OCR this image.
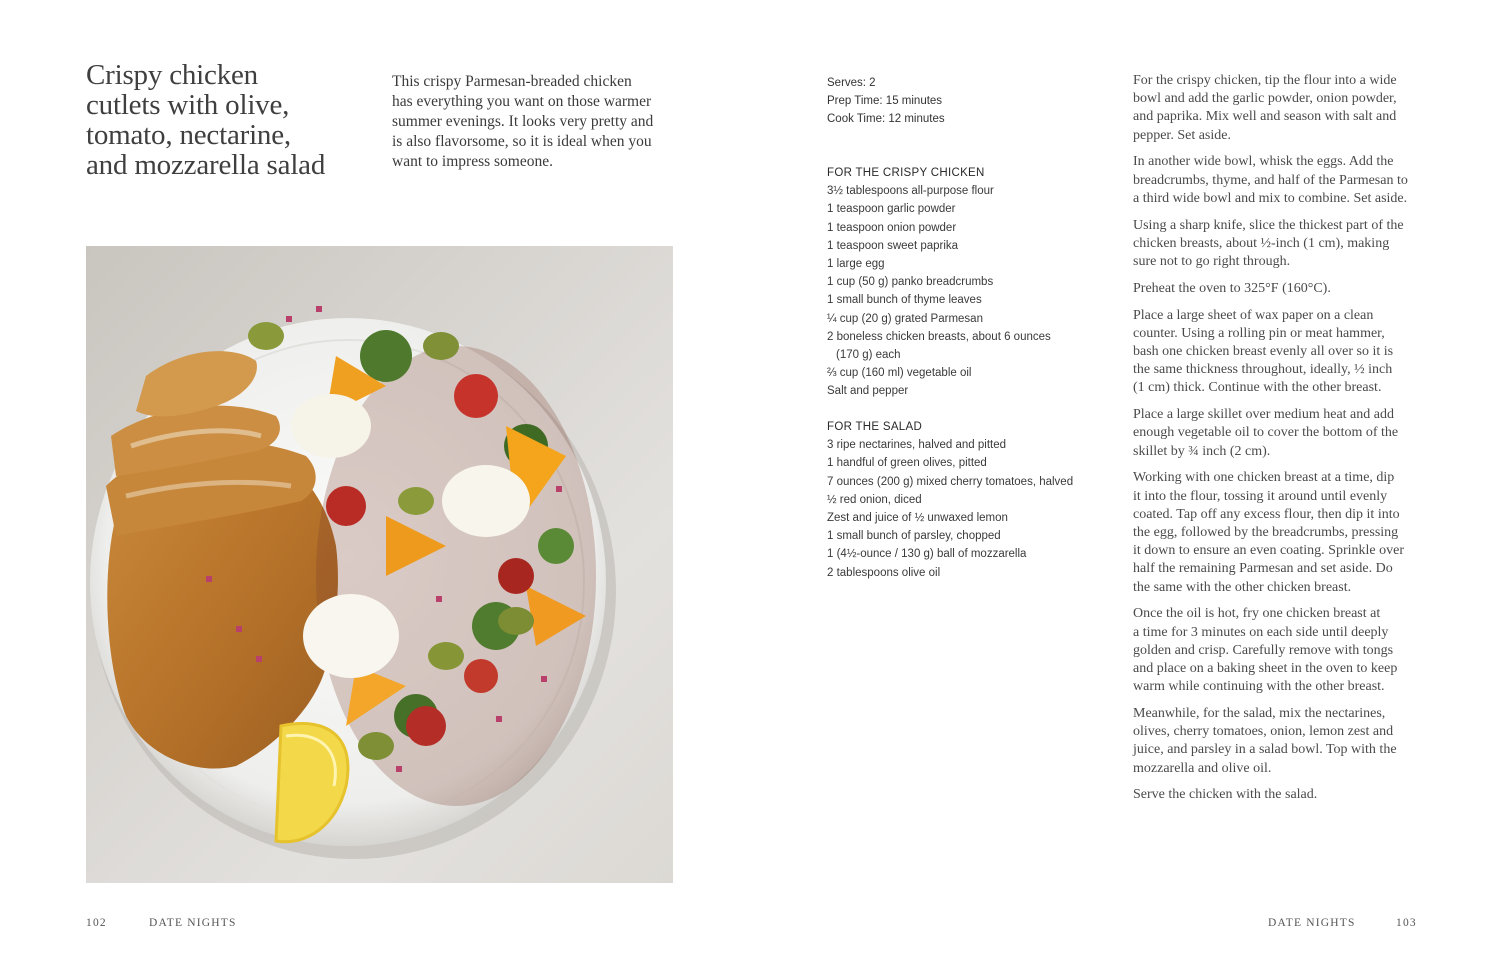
Crispy chicken
cutlets with olive,
tomato, nectarine,
and mozzarella salad

This crispy Parmesan-breaded chicken
has everything you want on those warmer
summer evenings. It looks very pretty and
is also flavorsome, so it is ideal when you
want to impress someone.

102	DATE NIGHTS
Serves: 2
Prep Time: 15 minutes
Cook Time: 12 minutes
FOR THE CRISPY CHICKEN
3½ tablespoons all-purpose flour
1 teaspoon garlic powder
1 teaspoon onion powder
1 teaspoon sweet paprika
1 large egg
1 cup (50 g) panko breadcrumbs
1 small bunch of thyme leaves
¼ cup (20 g) grated Parmesan
2 boneless chicken breasts, about 6 ounces
(170 g) each
⅔ cup (160 ml) vegetable oil
Salt and pepper
FOR THE SALAD
3 ripe nectarines, halved and pitted
1 handful of green olives, pitted
7 ounces (200 g) mixed cherry tomatoes, halved
½ red onion, diced
Zest and juice of ½ unwaxed lemon
1 small bunch of parsley, chopped
1 (4½-ounce / 130 g) ball of mozzarella
2 tablespoons olive oil
For the crispy chicken, tip the flour into a wide
bowl and add the garlic powder, onion powder,
and paprika. Mix well and season with salt and
pepper. Set aside.
In another wide bowl, whisk the eggs. Add the
breadcrumbs, thyme, and half of the Parmesan to
a third wide bowl and mix to combine. Set aside.
Using a sharp knife, slice the thickest part of the
chicken breasts, about ½-inch (1 cm), making
sure not to go right through.
Preheat the oven to 325°F (160°C).
Place a large sheet of wax paper on a clean
counter. Using a rolling pin or meat hammer,
bash one chicken breast evenly all over so it is
the same thickness throughout, ideally, ½ inch
(1 cm) thick. Continue with the other breast.
Place a large skillet over medium heat and add
enough vegetable oil to cover the bottom of the
skillet by ¾ inch (2 cm).
Working with one chicken breast at a time, dip
it into the flour, tossing it around until evenly
coated. Tap off any excess flour, then dip it into
the egg, followed by the breadcrumbs, pressing
it down to ensure an even coating. Sprinkle over
half the remaining Parmesan and set aside. Do
the same with the other chicken breast.
Once the oil is hot, fry one chicken breast at
a time for 3 minutes on each side until deeply
golden and crisp. Carefully remove with tongs
and place on a baking sheet in the oven to keep
warm while continuing with the other breast.
Meanwhile, for the salad, mix the nectarines,
olives, cherry tomatoes, onion, lemon zest and
juice, and parsley in a salad bowl. Top with the
mozzarella and olive oil.
Serve the chicken with the salad.
DATE NIGHTS	103
